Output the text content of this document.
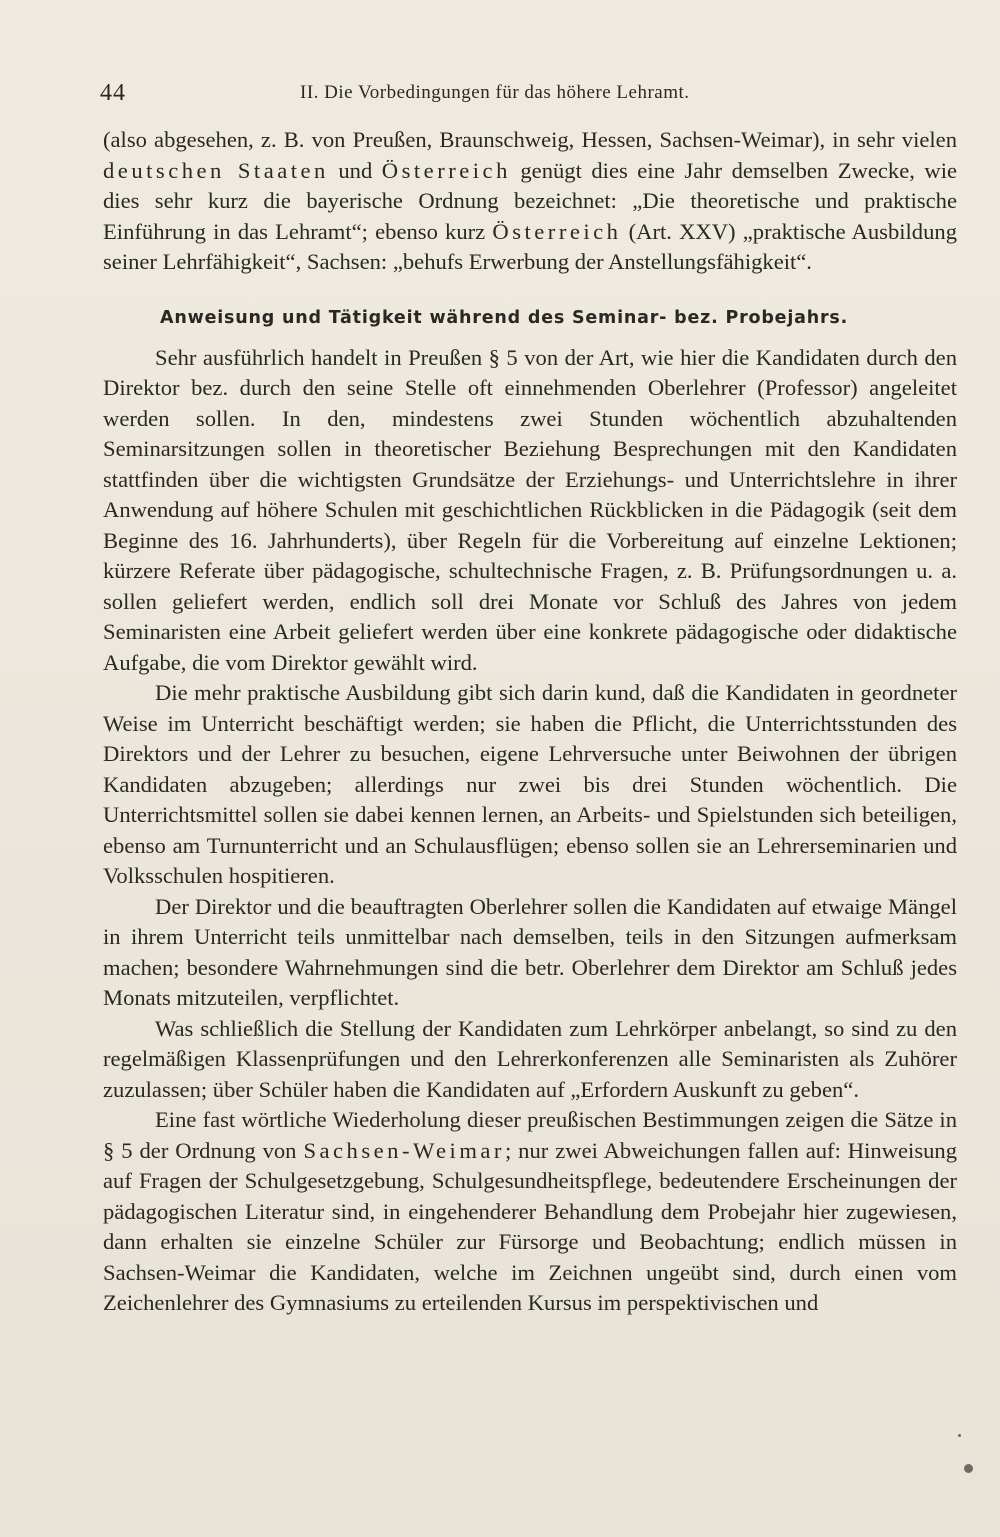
44	II. Die Vorbedingungen für das höhere Lehramt.

(also abgesehen, z. B. von Preußen, Braunschweig, Hessen, Sachsen-Weimar), in sehr vielen deutschen Staaten und Österreich genügt dies eine Jahr demselben Zwecke, wie dies sehr kurz die bayerische Ordnung bezeichnet: „Die theoretische und praktische Einführung in das Lehramt“; ebenso kurz Österreich (Art. XXV) „praktische Ausbildung seiner Lehrfähigkeit“, Sachsen: „behufs Erwerbung der Anstellungsfähigkeit“.

Anweisung und Tätigkeit während des Seminar- bez. Probejahrs.

Sehr ausführlich handelt in Preußen § 5 von der Art, wie hier die Kandidaten durch den Direktor bez. durch den seine Stelle oft einnehmenden Oberlehrer (Professor) angeleitet werden sollen. In den, mindestens zwei Stunden wöchentlich abzuhaltenden Seminarsitzungen sollen in theoretischer Beziehung Besprechungen mit den Kandidaten stattfinden über die wichtigsten Grundsätze der Erziehungs- und Unterrichtslehre in ihrer Anwendung auf höhere Schulen mit geschichtlichen Rückblicken in die Pädagogik (seit dem Beginne des 16. Jahrhunderts), über Regeln für die Vorbereitung auf einzelne Lektionen; kürzere Referate über pädagogische, schultechnische Fragen, z. B. Prüfungsordnungen u. a. sollen geliefert werden, endlich soll drei Monate vor Schluß des Jahres von jedem Seminaristen eine Arbeit geliefert werden über eine konkrete pädagogische oder didaktische Aufgabe, die vom Direktor gewählt wird.

Die mehr praktische Ausbildung gibt sich darin kund, daß die Kandidaten in geordneter Weise im Unterricht beschäftigt werden; sie haben die Pflicht, die Unterrichtsstunden des Direktors und der Lehrer zu besuchen, eigene Lehrversuche unter Beiwohnen der übrigen Kandidaten abzugeben; allerdings nur zwei bis drei Stunden wöchentlich. Die Unterrichtsmittel sollen sie dabei kennen lernen, an Arbeits- und Spielstunden sich beteiligen, ebenso am Turnunterricht und an Schulausflügen; ebenso sollen sie an Lehrerseminarien und Volksschulen hospitieren.

Der Direktor und die beauftragten Oberlehrer sollen die Kandidaten auf etwaige Mängel in ihrem Unterricht teils unmittelbar nach demselben, teils in den Sitzungen aufmerksam machen; besondere Wahrnehmungen sind die betr. Oberlehrer dem Direktor am Schluß jedes Monats mitzuteilen, verpflichtet.

Was schließlich die Stellung der Kandidaten zum Lehrkörper anbelangt, so sind zu den regelmäßigen Klassenprüfungen und den Lehrerkonferenzen alle Seminaristen als Zuhörer zuzulassen; über Schüler haben die Kandidaten auf „Erfordern Auskunft zu geben“.

Eine fast wörtliche Wiederholung dieser preußischen Bestimmungen zeigen die Sätze in § 5 der Ordnung von Sachsen-Weimar; nur zwei Abweichungen fallen auf: Hinweisung auf Fragen der Schulgesetzgebung, Schulgesundheitspflege, bedeutendere Erscheinungen der pädagogischen Literatur sind, in eingehenderer Behandlung dem Probejahr hier zugewiesen, dann erhalten sie einzelne Schüler zur Fürsorge und Beobachtung; endlich müssen in Sachsen-Weimar die Kandidaten, welche im Zeichnen ungeübt sind, durch einen vom Zeichenlehrer des Gymnasiums zu erteilenden Kursus im perspektivischen und
